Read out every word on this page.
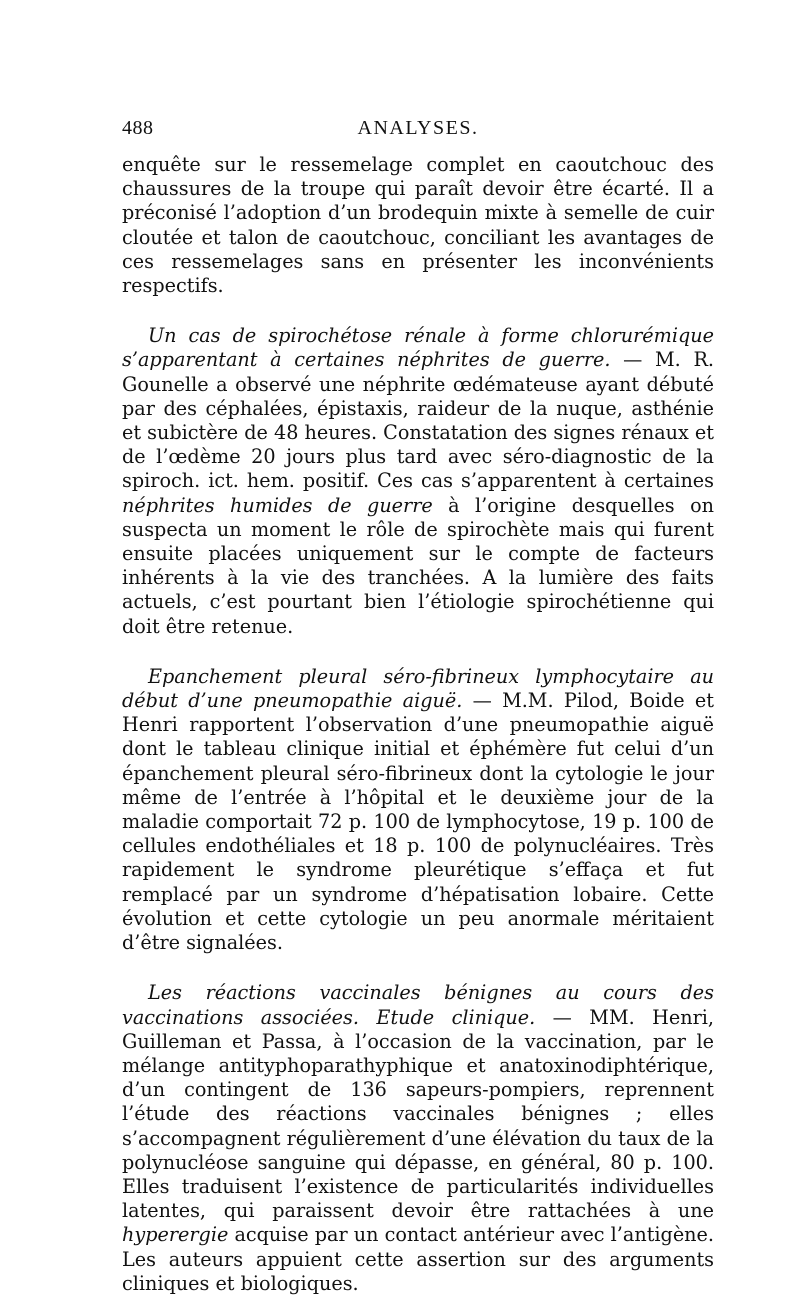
488	ANALYSES.

enquête sur le ressemelage complet en caoutchouc des chaussures de la troupe qui paraît devoir être écarté. Il a préconisé l’adoption d’un brodequin mixte à semelle de cuir cloutée et talon de caoutchouc, conciliant les avantages de ces ressemelages sans en présenter les inconvénients respectifs.

Un cas de spirochétose rénale à forme chlorurémique s’apparentant à certaines néphrites de guerre. — M. R. Gounelle a observé une néphrite œdémateuse ayant débuté par des céphalées, épistaxis, raideur de la nuque, asthénie et subictère de 48 heures. Constatation des signes rénaux et de l’œdème 20 jours plus tard avec séro-diagnostic de la spiroch. ict. hem. positif. Ces cas s’apparentent à certaines néphrites humides de guerre à l’origine desquelles on suspecta un moment le rôle de spirochète mais qui furent ensuite placées uniquement sur le compte de facteurs inhérents à la vie des tranchées. A la lumière des faits actuels, c’est pourtant bien l’étiologie spirochétienne qui doit être retenue.

Epanchement pleural séro-fibrineux lymphocytaire au début d’une pneumopathie aiguë. — M.M. Pilod, Boide et Henri rapportent l’observation d’une pneumopathie aiguë dont le tableau clinique initial et éphémère fut celui d’un épanchement pleural séro-fibrineux dont la cytologie le jour même de l’entrée à l’hôpital et le deuxième jour de la maladie comportait 72 p. 100 de lymphocytose, 19 p. 100 de cellules endothéliales et 18 p. 100 de polynucléaires. Très rapidement le syndrome pleurétique s’effaça et fut remplacé par un syndrome d’hépatisation lobaire. Cette évolution et cette cytologie un peu anormale méritaient d’être signalées.

Les réactions vaccinales bénignes au cours des vaccinations associées. Etude clinique. — MM. Henri, Guilleman et Passa, à l’occasion de la vaccination, par le mélange antityphoparathyphique et anatoxinodiphtérique, d’un contingent de 136 sapeurs-pompiers, reprennent l’étude des réactions vaccinales bénignes ; elles s’accompagnent régulièrement d’une élévation du taux de la polynucléose sanguine qui dépasse, en général, 80 p. 100. Elles traduisent l’existence de particularités individuelles latentes, qui paraissent devoir être rattachées à une hyperergie acquise par un contact antérieur avec l’antigène. Les auteurs appuient cette assertion sur des arguments cliniques et biologiques.
